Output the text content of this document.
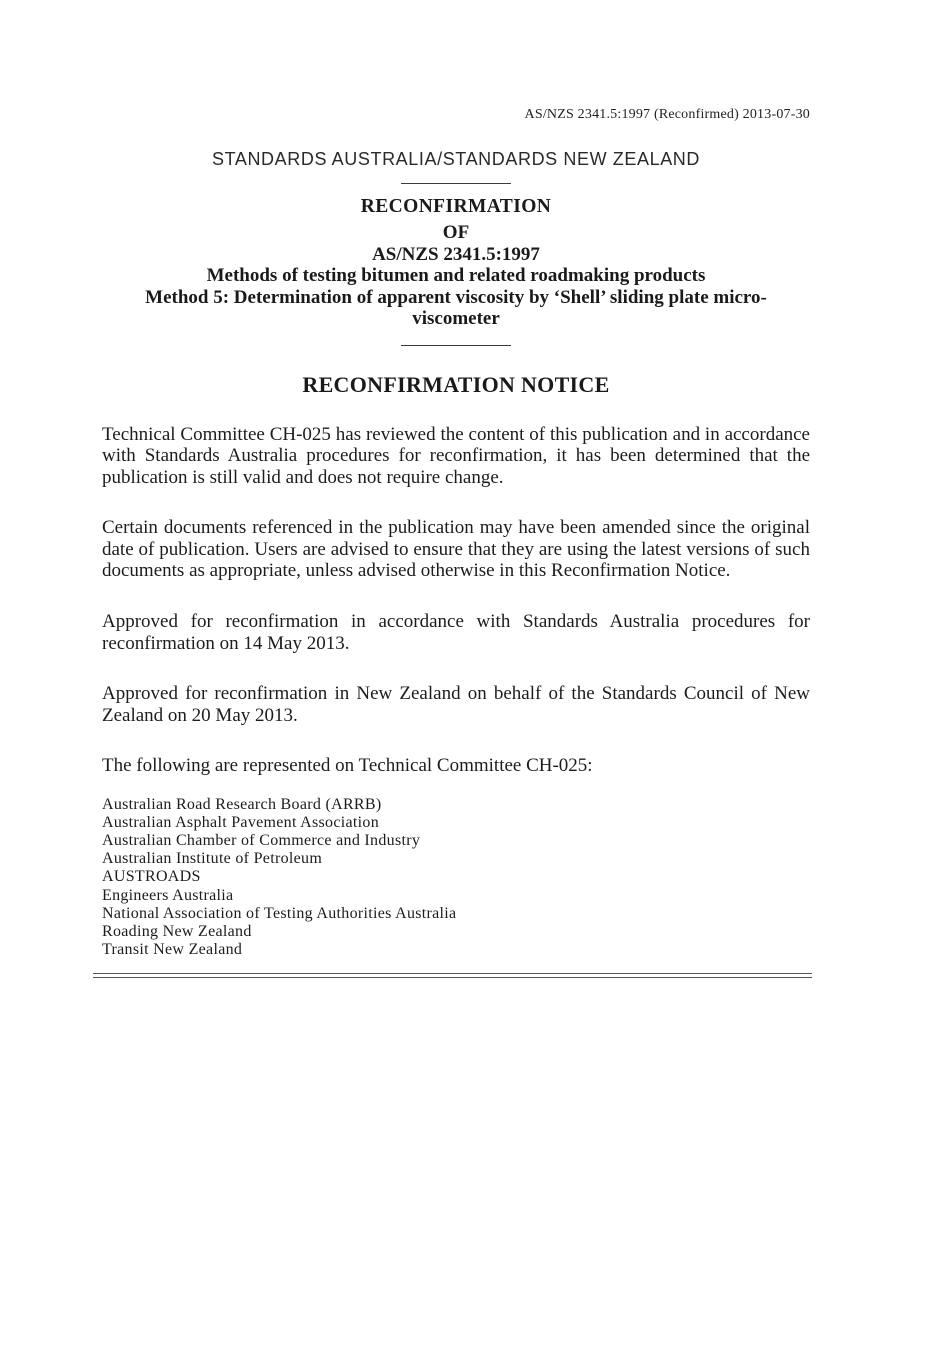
AS/NZS 2341.5:1997 (Reconfirmed) 2013-07-30
STANDARDS AUSTRALIA/STANDARDS NEW ZEALAND
RECONFIRMATION
OF
AS/NZS 2341.5:1997
Methods of testing bitumen and related roadmaking products
Method 5: Determination of apparent viscosity by ‘Shell’ sliding plate micro-
viscometer
RECONFIRMATION NOTICE

Technical Committee CH-025 has reviewed the content of this publication and in accordance with Standards Australia procedures for reconfirmation, it has been determined that the publication is still valid and does not require change.

Certain documents referenced in the publication may have been amended since the original date of publication. Users are advised to ensure that they are using the latest versions of such documents as appropriate, unless advised otherwise in this Reconfirmation Notice.

Approved for reconfirmation in accordance with Standards Australia procedures for reconfirmation on 14 May 2013.

Approved for reconfirmation in New Zealand on behalf of the Standards Council of New Zealand on 20 May 2013.

The following are represented on Technical Committee CH-025:

Australian Road Research Board (ARRB)
Australian Asphalt Pavement Association
Australian Chamber of Commerce and Industry
Australian Institute of Petroleum
AUSTROADS
Engineers Australia
National Association of Testing Authorities Australia
Roading New Zealand
Transit New Zealand
